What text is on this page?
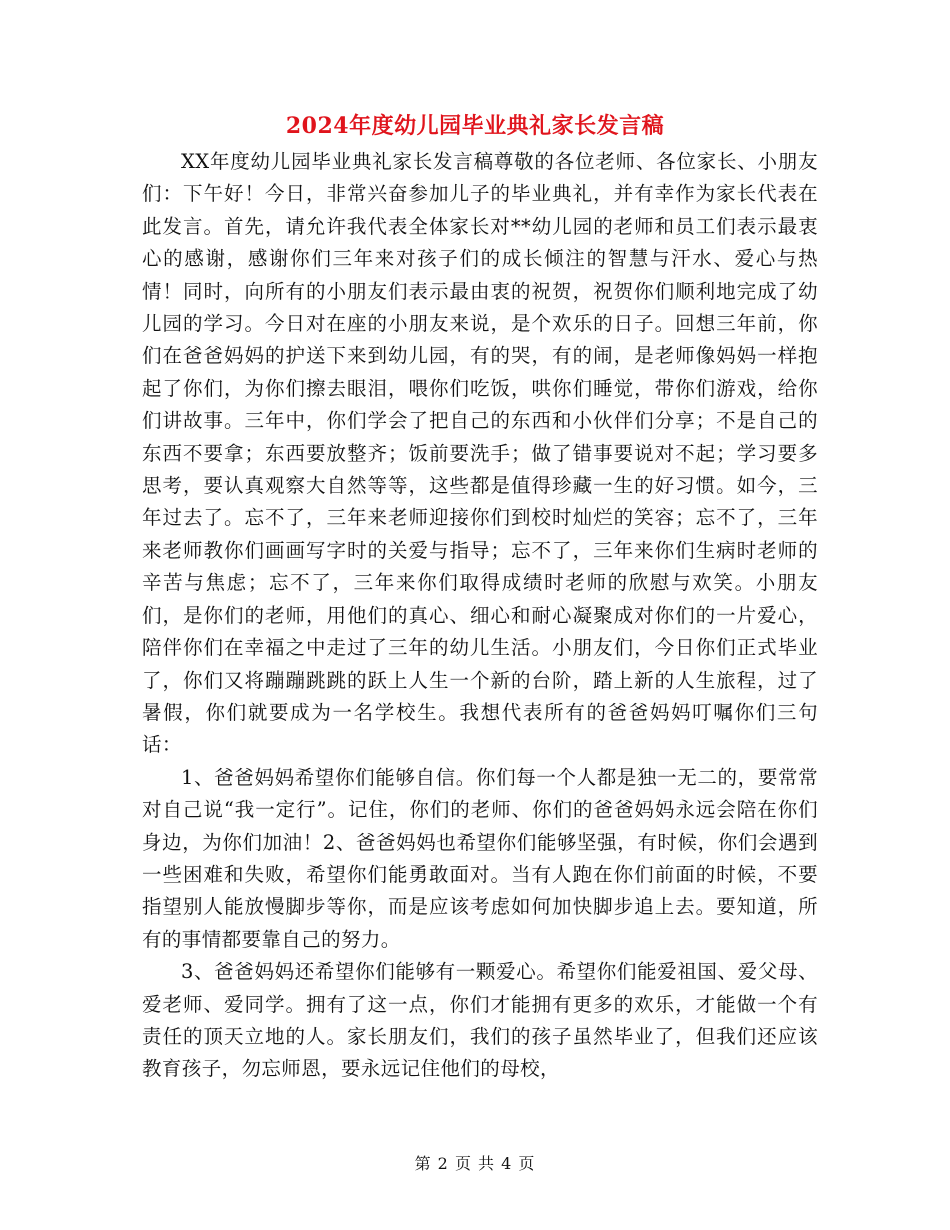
2024年度幼儿园毕业典礼家长发言稿

XX年度幼儿园毕业典礼家长发言稿尊敬的各位老师、各位家长、小朋友们：下午好！今日，非常兴奋参加儿子的毕业典礼，并有幸作为家长代表在此发言。首先，请允许我代表全体家长对**幼儿园的老师和员工们表示最衷心的感谢，感谢你们三年来对孩子们的成长倾注的智慧与汗水、爱心与热情！同时，向所有的小朋友们表示最由衷的祝贺，祝贺你们顺利地完成了幼儿园的学习。今日对在座的小朋友来说，是个欢乐的日子。回想三年前，你们在爸爸妈妈的护送下来到幼儿园，有的哭，有的闹，是老师像妈妈一样抱起了你们，为你们擦去眼泪，喂你们吃饭，哄你们睡觉，带你们游戏，给你们讲故事。三年中，你们学会了把自己的东西和小伙伴们分享；不是自己的东西不要拿；东西要放整齐；饭前要洗手；做了错事要说对不起；学习要多思考，要认真观察大自然等等，这些都是值得珍藏一生的好习惯。如今，三年过去了。忘不了，三年来老师迎接你们到校时灿烂的笑容；忘不了，三年来老师教你们画画写字时的关爱与指导；忘不了，三年来你们生病时老师的辛苦与焦虑；忘不了，三年来你们取得成绩时老师的欣慰与欢笑。小朋友们，是你们的老师，用他们的真心、细心和耐心凝聚成对你们的一片爱心，陪伴你们在幸福之中走过了三年的幼儿生活。小朋友们，今日你们正式毕业了，你们又将蹦蹦跳跳的跃上人生一个新的台阶，踏上新的人生旅程，过了暑假，你们就要成为一名学校生。我想代表所有的爸爸妈妈叮嘱你们三句话：

1、爸爸妈妈希望你们能够自信。你们每一个人都是独一无二的，要常常对自己说“我一定行”。记住，你们的老师、你们的爸爸妈妈永远会陪在你们身边，为你们加油！2、爸爸妈妈也希望你们能够坚强，有时候，你们会遇到一些困难和失败，希望你们能勇敢面对。当有人跑在你们前面的时候，不要指望别人能放慢脚步等你，而是应该考虑如何加快脚步追上去。要知道，所有的事情都要靠自己的努力。

3、爸爸妈妈还希望你们能够有一颗爱心。希望你们能爱祖国、爱父母、爱老师、爱同学。拥有了这一点，你们才能拥有更多的欢乐，才能做一个有责任的顶天立地的人。家长朋友们，我们的孩子虽然毕业了，但我们还应该教育孩子，勿忘师恩，要永远记住他们的母校，

第 2 页 共 4 页
